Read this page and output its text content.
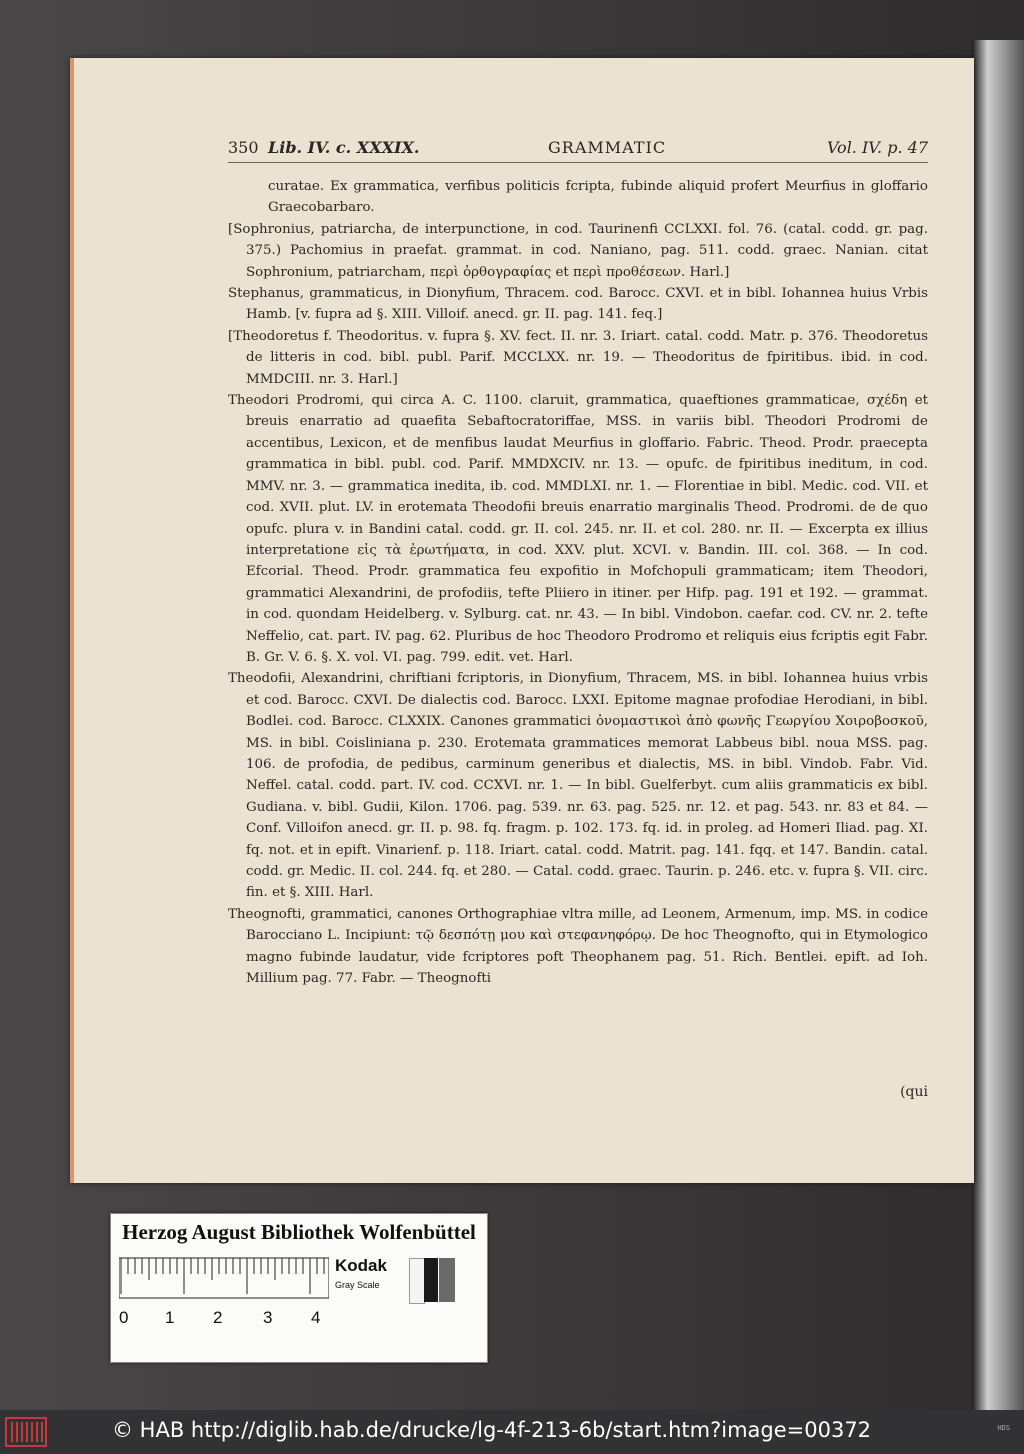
350 Lib. IV. c. XXXIX.	GRAMMATIC	Vol. IV. p. 47

curatae. Ex grammatica, verfibus politicis fcripta, fubinde aliquid profert Meurfius in gloffario Graecobarbaro.

[Sophronius, patriarcha, de interpunctione, in cod. Taurinenfi CCLXXI. fol. 76. (catal. codd. gr. pag. 375.) Pachomius in praefat. grammat. in cod. Naniano, pag. 511. codd. graec. Nanian. citat Sophronium, patriarcham, περὶ ὀρθογραφίας et περὶ προθέσεων. Harl.]

Stephanus, grammaticus, in Dionyfium, Thracem. cod. Barocc. CXVI. et in bibl. Iohannea huius Vrbis Hamb. [v. fupra ad §. XIII. Villoif. anecd. gr. II. pag. 141. feq.]

[Theodoretus f. Theodoritus. v. fupra §. XV. fect. II. nr. 3. Iriart. catal. codd. Matr. p. 376. Theodoretus de litteris in cod. bibl. publ. Parif. MCCLXX. nr. 19. — Theodoritus de fpiritibus. ibid. in cod. MMDCIII. nr. 3. Harl.]

Theodori Prodromi, qui circa A. C. 1100. claruit, grammatica, quaeftiones grammaticae, σχέδη et breuis enarratio ad quaefita Sebaftocratoriffae, MSS. in variis bibl. Theodori Prodromi de accentibus, Lexicon, et de menfibus laudat Meurfius in gloffario. Fabric. Theod. Prodr. praecepta grammatica in bibl. publ. cod. Parif. MMDXCIV. nr. 13. — opufc. de fpiritibus ineditum, in cod. MMV. nr. 3. — grammatica inedita, ib. cod. MMDLXI. nr. 1. — Florentiae in bibl. Medic. cod. VII. et cod. XVII. plut. LV. in erotemata Theodofii breuis enarratio marginalis Theod. Prodromi. de de quo opufc. plura v. in Bandini catal. codd. gr. II. col. 245. nr. II. et col. 280. nr. II. — Excerpta ex illius interpretatione εἰς τὰ ἐρωτήματα, in cod. XXV. plut. XCVI. v. Bandin. III. col. 368. — In cod. Efcorial. Theod. Prodr. grammatica feu expofitio in Mofchopuli grammaticam; item Theodori, grammatici Alexandrini, de profodiis, tefte Pliiero in itiner. per Hifp. pag. 191 et 192. — grammat. in cod. quondam Heidelberg. v. Sylburg. cat. nr. 43. — In bibl. Vindobon. caefar. cod. CV. nr. 2. tefte Neffelio, cat. part. IV. pag. 62. Pluribus de hoc Theodoro Prodromo et reliquis eius fcriptis egit Fabr. B. Gr. V. 6. §. X. vol. VI. pag. 799. edit. vet. Harl.

Theodofii, Alexandrini, chriftiani fcriptoris, in Dionyfium, Thracem, MS. in bibl. Iohannea huius vrbis et cod. Barocc. CXVI. De dialectis cod. Barocc. LXXI. Epitome magnae profodiae Herodiani, in bibl. Bodlei. cod. Barocc. CLXXIX. Canones grammatici ὀνομαστικοὶ ἀπὸ φωνῆς Γεωργίου Χοιροβοσκοῦ, MS. in bibl. Coisliniana p. 230. Erotemata grammatices memorat Labbeus bibl. noua MSS. pag. 106. de profodia, de pedibus, carminum generibus et dialectis, MS. in bibl. Vindob. Fabr. Vid. Neffel. catal. codd. part. IV. cod. CCXVI. nr. 1. — In bibl. Guelferbyt. cum aliis grammaticis ex bibl. Gudiana. v. bibl. Gudii, Kilon. 1706. pag. 539. nr. 63. pag. 525. nr. 12. et pag. 543. nr. 83 et 84. — Conf. Villoifon anecd. gr. II. p. 98. fq. fragm. p. 102. 173. fq. id. in proleg. ad Homeri Iliad. pag. XI. fq. not. et in epift. Vinarienf. p. 118. Iriart. catal. codd. Matrit. pag. 141. fqq. et 147. Bandin. catal. codd. gr. Medic. II. col. 244. fq. et 280. — Catal. codd. graec. Taurin. p. 246. etc. v. fupra §. VII. circ. fin. et §. XIII. Harl.

Theognofti, grammatici, canones Orthographiae vltra mille, ad Leonem, Armenum, imp. MS. in codice Barocciano L. Incipiunt: τῷ δεσπότῃ μου καὶ στεφανηφόρῳ. De hoc Theognofto, qui in Etymologico magno fubinde laudatur, vide fcriptores poft Theophanem pag. 51. Rich. Bentlei. epift. ad Ioh. Millium pag. 77. Fabr. — Theognofti

(qui
Herzog August Bibliothek Wolfenbüttel
0 1 2 3 4
Kodak
Gray Scale
© HAB http://diglib.hab.de/drucke/lg-4f-213-6b/start.htm?image=00372	HDS
